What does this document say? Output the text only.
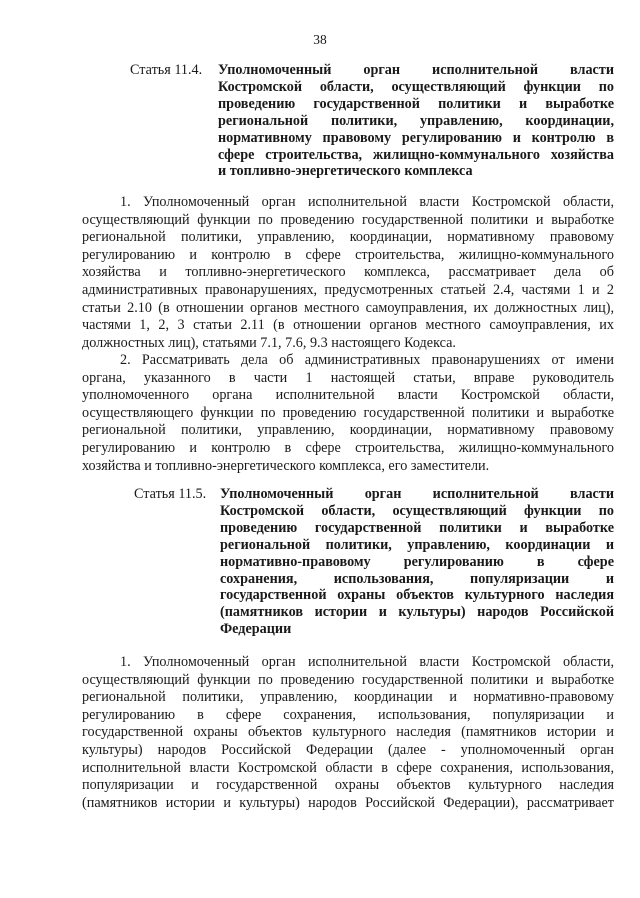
38
Статья 11.4.	Уполномоченный орган исполнительной власти
Костромской области, осуществляющий функции по
проведению государственной политики и выработке
региональной политики, управлению, координации,
нормативному правовому регулированию и контролю в
сфере строительства, жилищно-коммунального хозяйства
и топливно-энергетического комплекса
1. Уполномоченный орган исполнительной власти Костромской области,
осуществляющий функции по проведению государственной политики и выработке
региональной политики, управлению, координации, нормативному правовому
регулированию и контролю в сфере строительства, жилищно-коммунального
хозяйства и топливно-энергетического комплекса, рассматривает дела об
административных правонарушениях, предусмотренных статьей 2.4, частями 1 и 2
статьи 2.10 (в отношении органов местного самоуправления, их должностных лиц),
частями 1, 2, 3 статьи 2.11 (в отношении органов местного самоуправления, их
должностных лиц), статьями 7.1, 7.6, 9.3 настоящего Кодекса.
2. Рассматривать дела об административных правонарушениях от имени
органа, указанного в части 1 настоящей статьи, вправе руководитель
уполномоченного органа исполнительной власти Костромской области,
осуществляющего функции по проведению государственной политики и выработке
региональной политики, управлению, координации, нормативному правовому
регулированию и контролю в сфере строительства, жилищно-коммунального
хозяйства и топливно-энергетического комплекса, его заместители.
Статья 11.5. Уполномоченный орган исполнительной власти
Костромской области, осуществляющий функции по
проведению государственной политики и выработке
региональной политики, управлению, координации и
нормативно-правовому регулированию в сфере
сохранения, использования, популяризации и
государственной охраны объектов культурного наследия
(памятников истории и культуры) народов Российской
Федерации
1. Уполномоченный орган исполнительной власти Костромской области,
осуществляющий функции по проведению государственной политики и выработке
региональной политики, управлению, координации и нормативно-правовому
регулированию в сфере сохранения, использования, популяризации и
государственной охраны объектов культурного наследия (памятников истории и
культуры) народов Российской Федерации (далее - уполномоченный орган
исполнительной власти Костромской области в сфере сохранения, использования,
популяризации и государственной охраны объектов культурного наследия
(памятников истории и культуры) народов Российской Федерации), рассматривает
